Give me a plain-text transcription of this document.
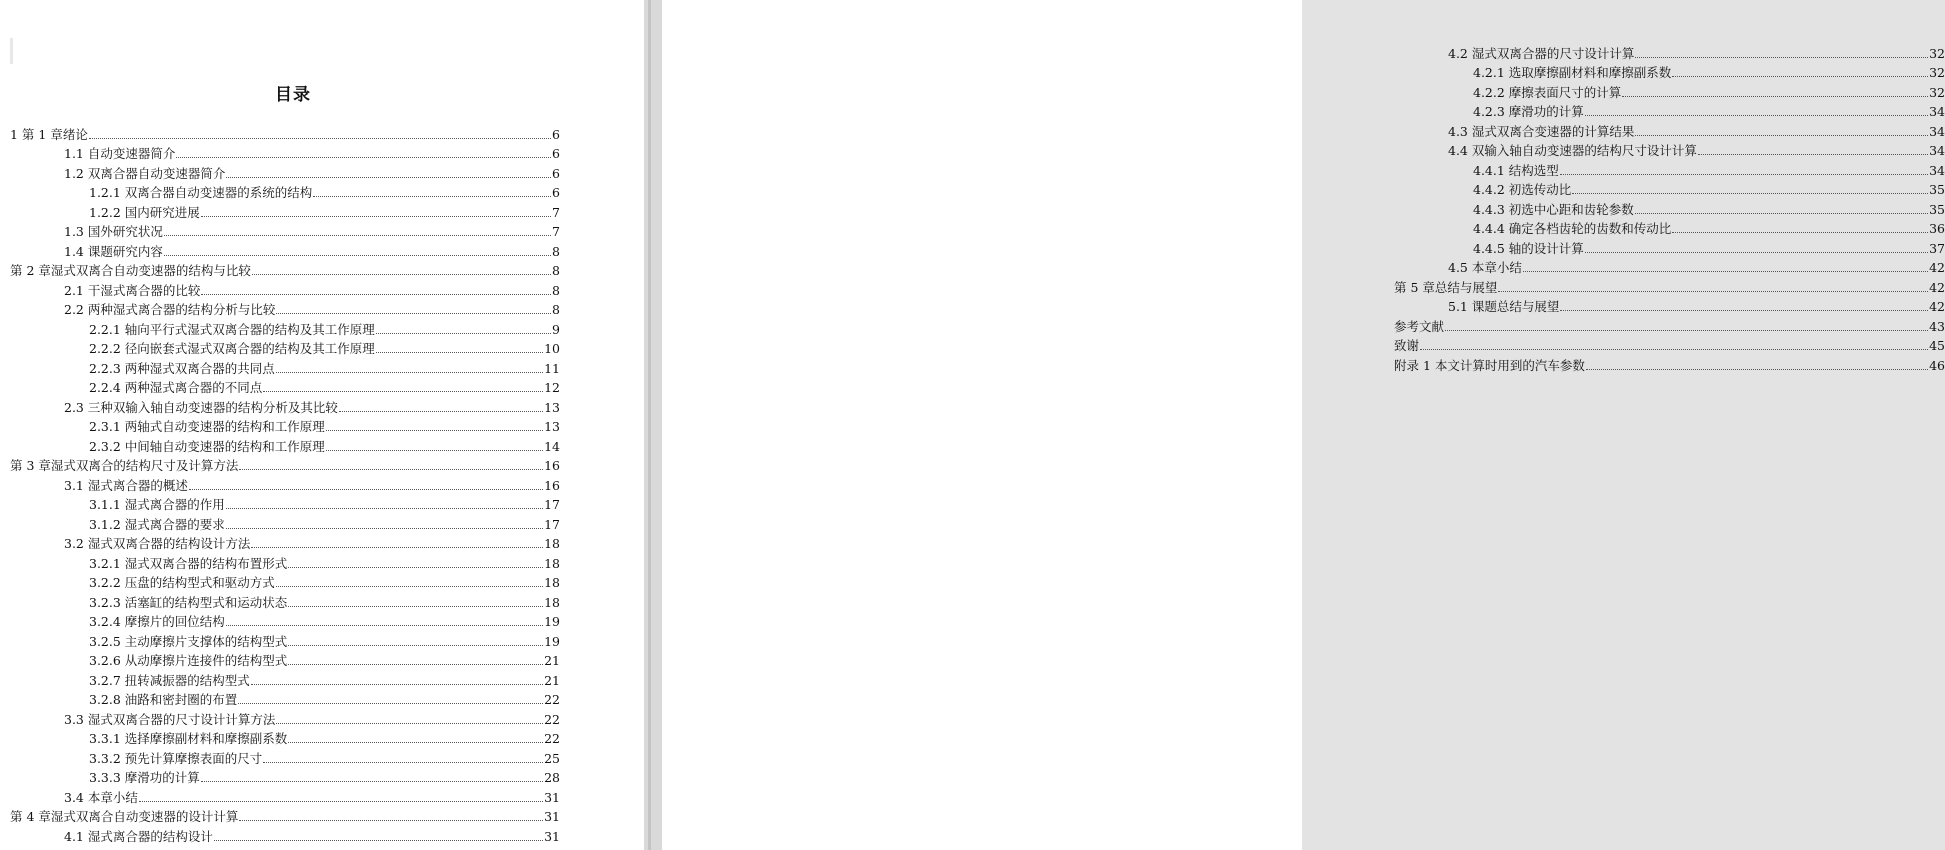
目录
1 第 1 章绪论	6
1.1 自动变速器简介	6
1.2 双离合器自动变速器简介	6
1.2.1 双离合器自动变速器的系统的结构	6
1.2.2 国内研究进展	7
1.3 国外研究状况	7
1.4 课题研究内容	8
第 2 章湿式双离合自动变速器的结构与比较	8
2.1 干湿式离合器的比较	8
2.2 两种湿式离合器的结构分析与比较	8
2.2.1 轴向平行式湿式双离合器的结构及其工作原理	9
2.2.2 径向嵌套式湿式双离合器的结构及其工作原理	10
2.2.3 两种湿式双离合器的共同点	11
2.2.4 两种湿式离合器的不同点	12
2.3 三种双输入轴自动变速器的结构分析及其比较	13
2.3.1 两轴式自动变速器的结构和工作原理	13
2.3.2 中间轴自动变速器的结构和工作原理	14
第 3 章湿式双离合的结构尺寸及计算方法	16
3.1 湿式离合器的概述	16
3.1.1 湿式离合器的作用	17
3.1.2 湿式离合器的要求	17
3.2 湿式双离合器的结构设计方法	18
3.2.1 湿式双离合器的结构布置形式	18
3.2.2 压盘的结构型式和驱动方式	18
3.2.3 活塞缸的结构型式和运动状态	18
3.2.4 摩擦片的回位结构	19
3.2.5 主动摩擦片支撑体的结构型式	19
3.2.6 从动摩擦片连接件的结构型式	21
3.2.7 扭转减振器的结构型式	21
3.2.8 油路和密封圈的布置	22
3.3 湿式双离合器的尺寸设计计算方法	22
3.3.1 选择摩擦副材料和摩擦副系数	22
3.3.2 预先计算摩擦表面的尺寸	25
3.3.3 摩滑功的计算	28
3.4 本章小结	31
第 4 章湿式双离合自动变速器的设计计算	31
4.1 湿式离合器的结构设计	31
4.2 湿式双离合器的尺寸设计计算	32
4.2.1 选取摩擦副材料和摩擦副系数	32
4.2.2 摩擦表面尺寸的计算	32
4.2.3 摩滑功的计算	34
4.3 湿式双离合变速器的计算结果	34
4.4 双输入轴自动变速器的结构尺寸设计计算	34
4.4.1 结构选型	34
4.4.2 初选传动比	35
4.4.3 初选中心距和齿轮参数	35
4.4.4 确定各档齿轮的齿数和传动比	36
4.4.5 轴的设计计算	37
4.5 本章小结	42
第 5 章总结与展望	42
5.1 课题总结与展望	42
参考文献	43
致谢	45
附录 1 本文计算时用到的汽车参数	46
